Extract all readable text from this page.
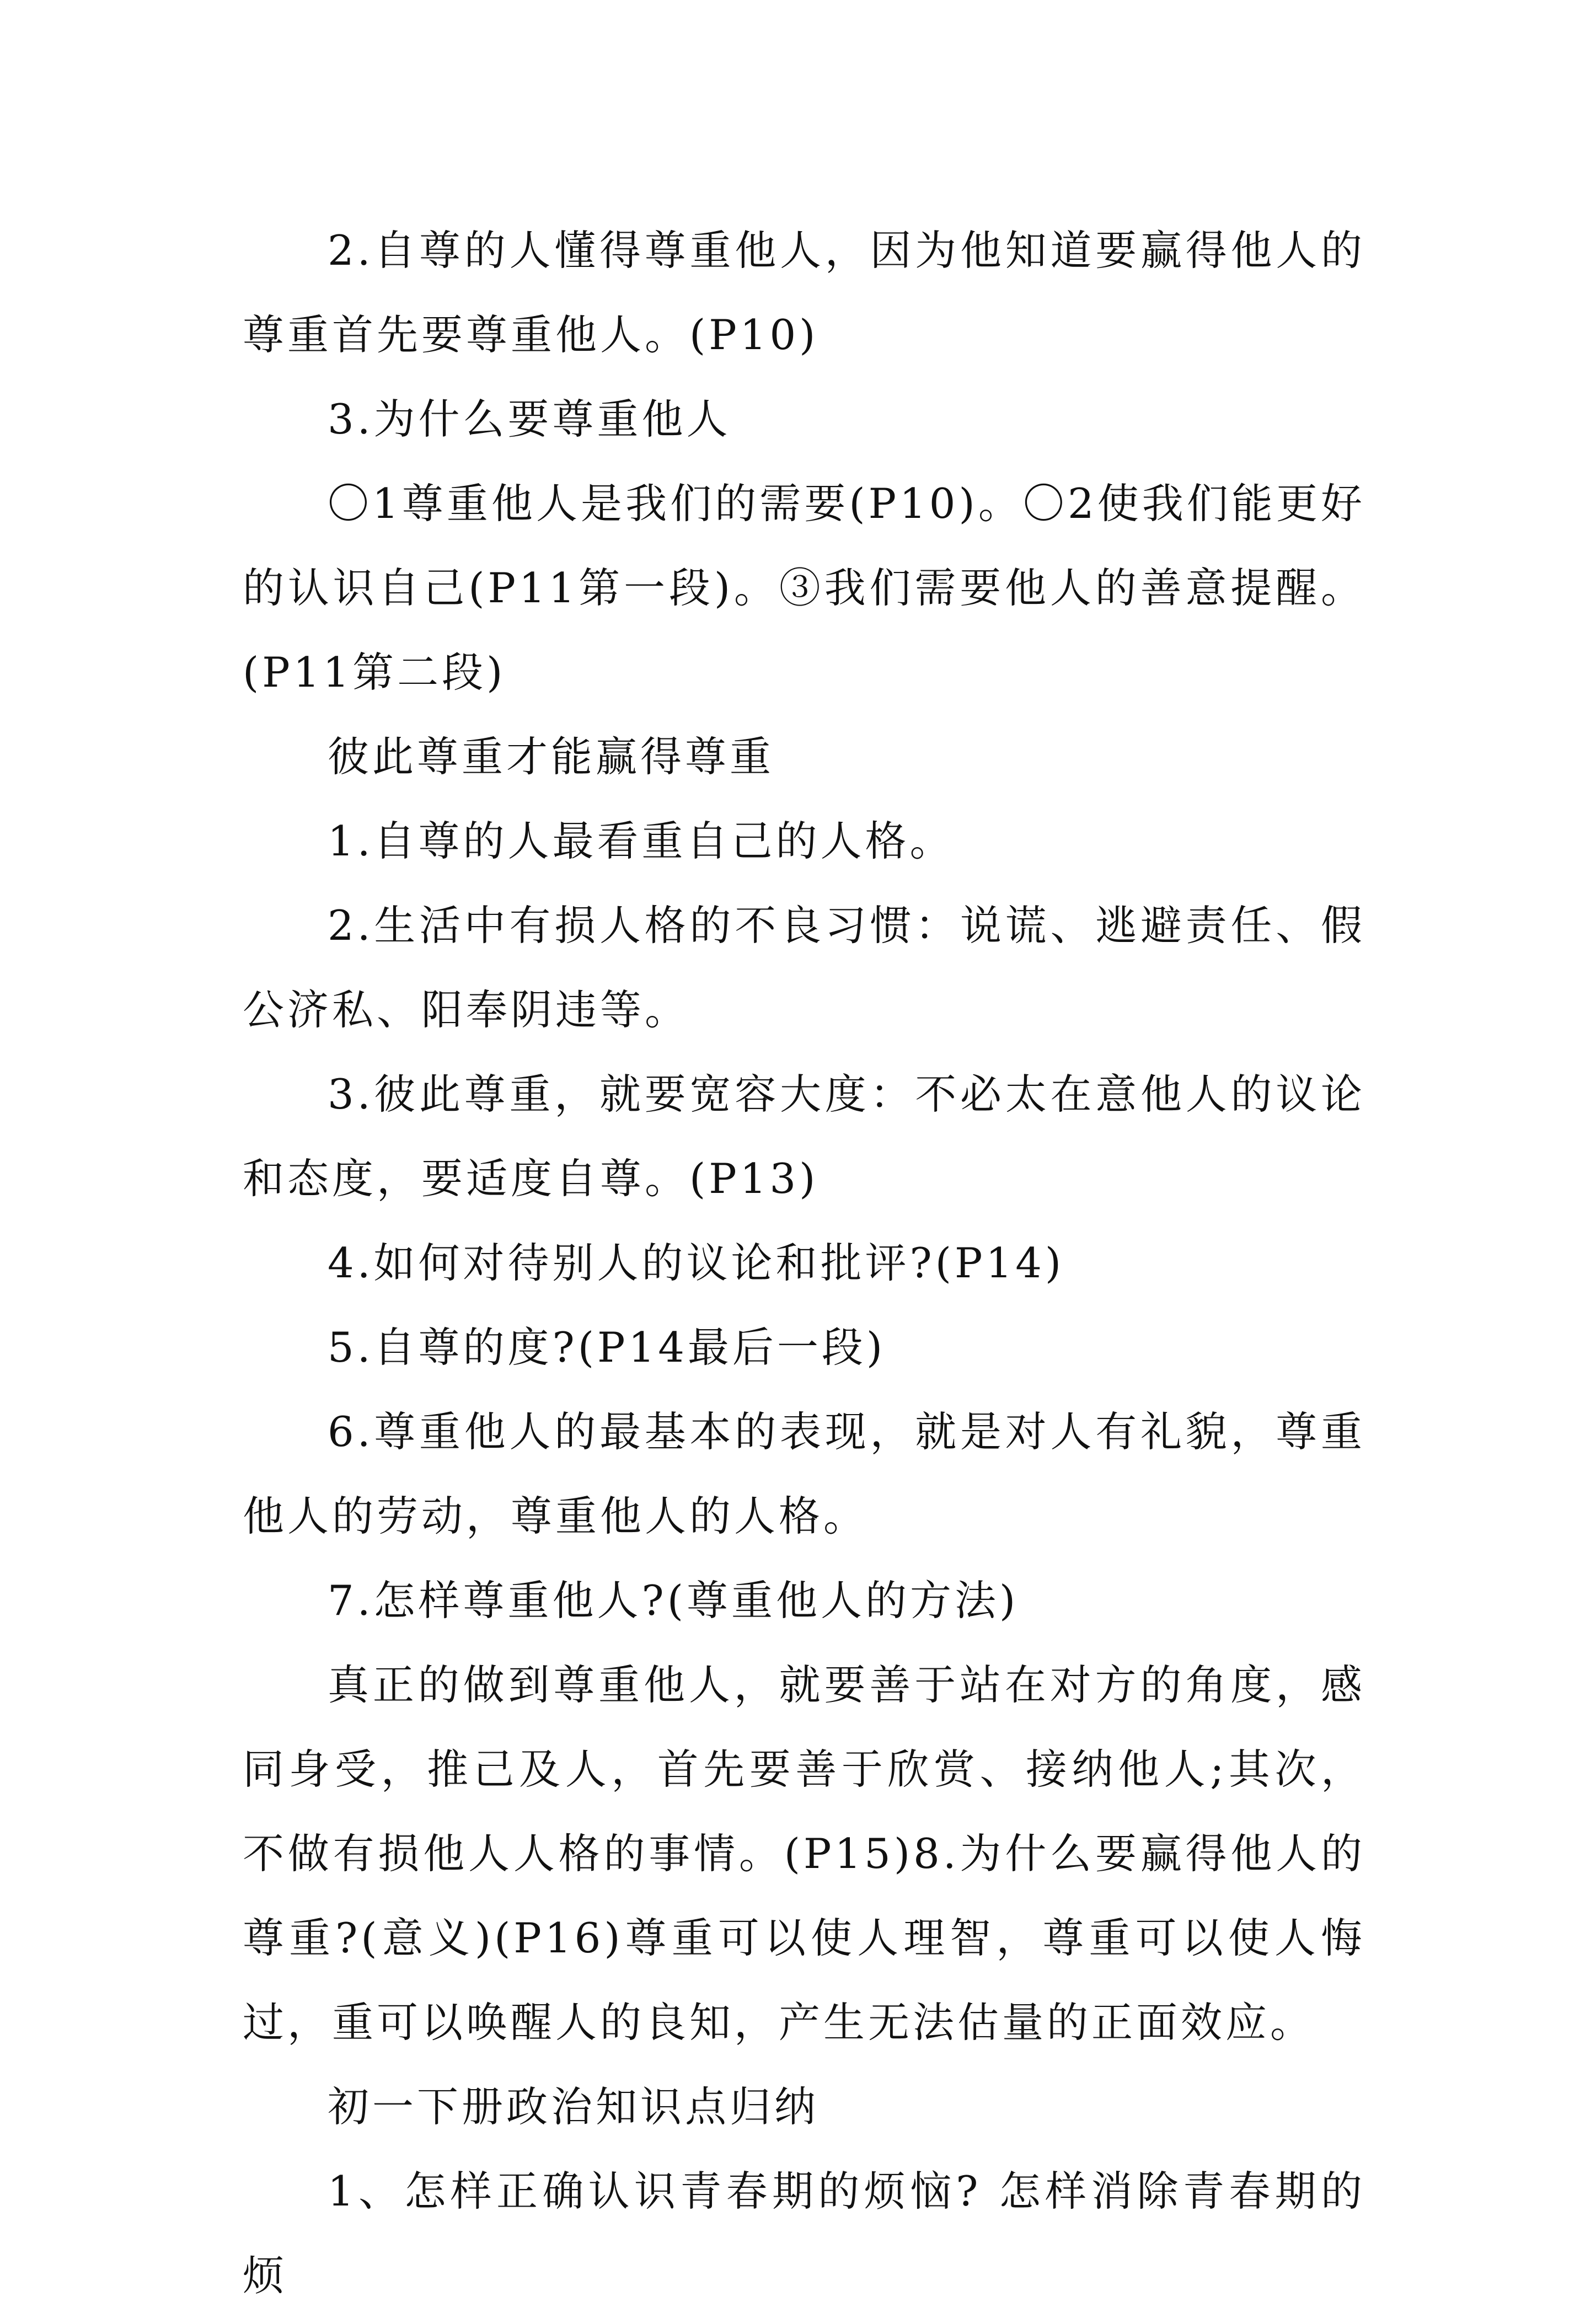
2.自尊的人懂得尊重他人，因为他知道要赢得他人的尊重首先要尊重他人。(P10)

3.为什么要尊重他人

〇1尊重他人是我们的需要(P10)。〇2使我们能更好的认识自己(P11第一段)。③我们需要他人的善意提醒。(P11第二段)

彼此尊重才能赢得尊重

1.自尊的人最看重自己的人格。

2.生活中有损人格的不良习惯：说谎、逃避责任、假公济私、阳奉阴违等。

3.彼此尊重，就要宽容大度：不必太在意他人的议论和态度，要适度自尊。(P13)

4.如何对待别人的议论和批评?(P14)

5.自尊的度?(P14最后一段)

6.尊重他人的最基本的表现，就是对人有礼貌，尊重他人的劳动，尊重他人的人格。

7.怎样尊重他人?(尊重他人的方法)

真正的做到尊重他人，就要善于站在对方的角度，感同身受，推己及人，首先要善于欣赏、接纳他人;其次，不做有损他人人格的事情。(P15)8.为什么要赢得他人的尊重?(意义)(P16)尊重可以使人理智，尊重可以使人悔过，重可以唤醒人的良知，产生无法估量的正面效应。

初一下册政治知识点归纳

1、怎样正确认识青春期的烦恼? 怎样消除青春期的烦
